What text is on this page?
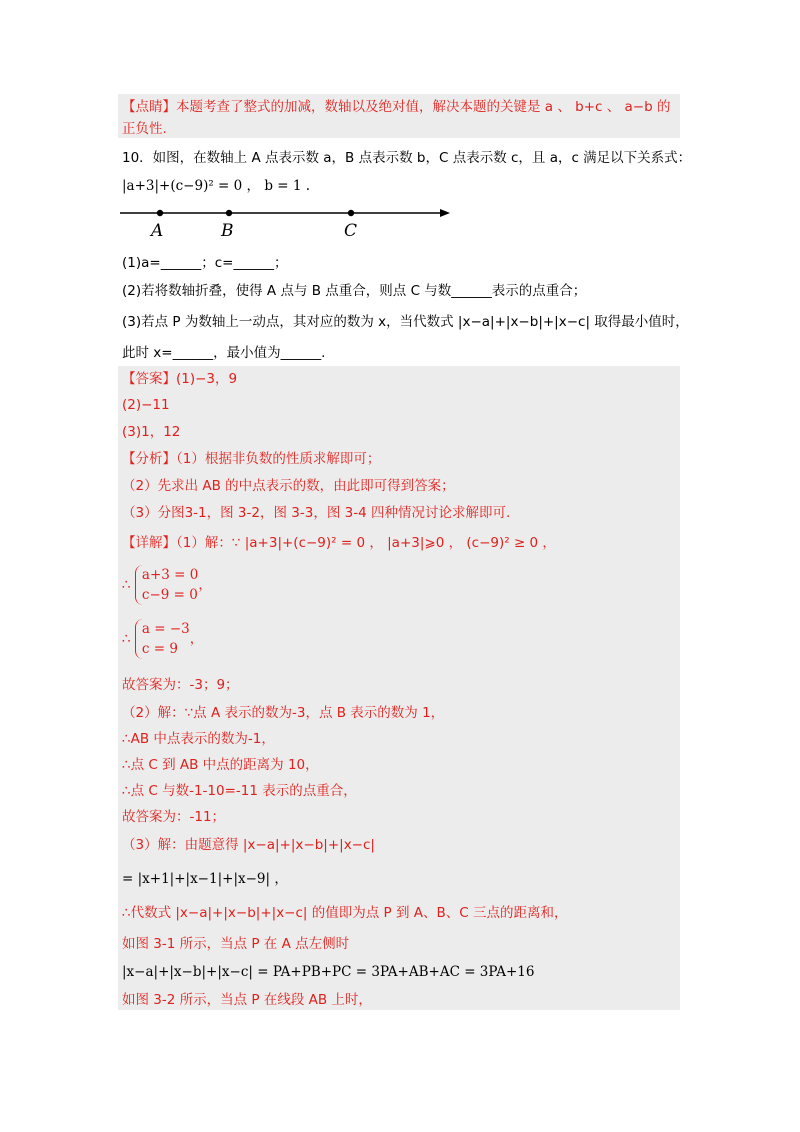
【点睛】本题考查了整式的加减，数轴以及绝对值，解决本题的关键是 a 、 b+c 、 a−b 的
正负性.
10．如图，在数轴上 A 点表示数 a，B 点表示数 b，C 点表示数 c，且 a，c 满足以下关系式：
|a+3|+(c−9)² = 0 ， b = 1 .
A	B	C
(1)a=______；c=______；
(2)若将数轴折叠，使得 A 点与 B 点重合，则点 C 与数______表示的点重合；
(3)若点 P 为数轴上一动点，其对应的数为 x，当代数式 |x−a|+|x−b|+|x−c| 取得最小值时，
此时 x=______，最小值为______.
【答案】(1)−3，9
(2)−11
(3)1，12
【分析】（1）根据非负数的性质求解即可；
（2）先求出 AB 的中点表示的数，由此即可得到答案；
（3）分图3-1，图 3-2，图 3-3，图 3-4 四种情况讨论求解即可.
【详解】（1）解：∵ |a+3|+(c−9)² = 0 ， |a+3|⩾0 ， (c−9)² ≥ 0 ，
∴
a+3 = 0
c−9 = 0
，
∴
a = −3
c = 9
，
故答案为：-3；9；
（2）解：∵点 A 表示的数为-3，点 B 表示的数为 1，
∴AB 中点表示的数为-1，
∴点 C 到 AB 中点的距离为 10，
∴点 C 与数-1-10=-11 表示的点重合，
故答案为：-11；
（3）解：由题意得 |x−a|+|x−b|+|x−c|
= |x+1|+|x−1|+|x−9| ，
∴代数式 |x−a|+|x−b|+|x−c| 的值即为点 P 到 A、B、C 三点的距离和，
如图 3-1 所示，当点 P 在 A 点左侧时
|x−a|+|x−b|+|x−c| = PA+PB+PC = 3PA+AB+AC = 3PA+16
如图 3-2 所示，当点 P 在线段 AB 上时，
